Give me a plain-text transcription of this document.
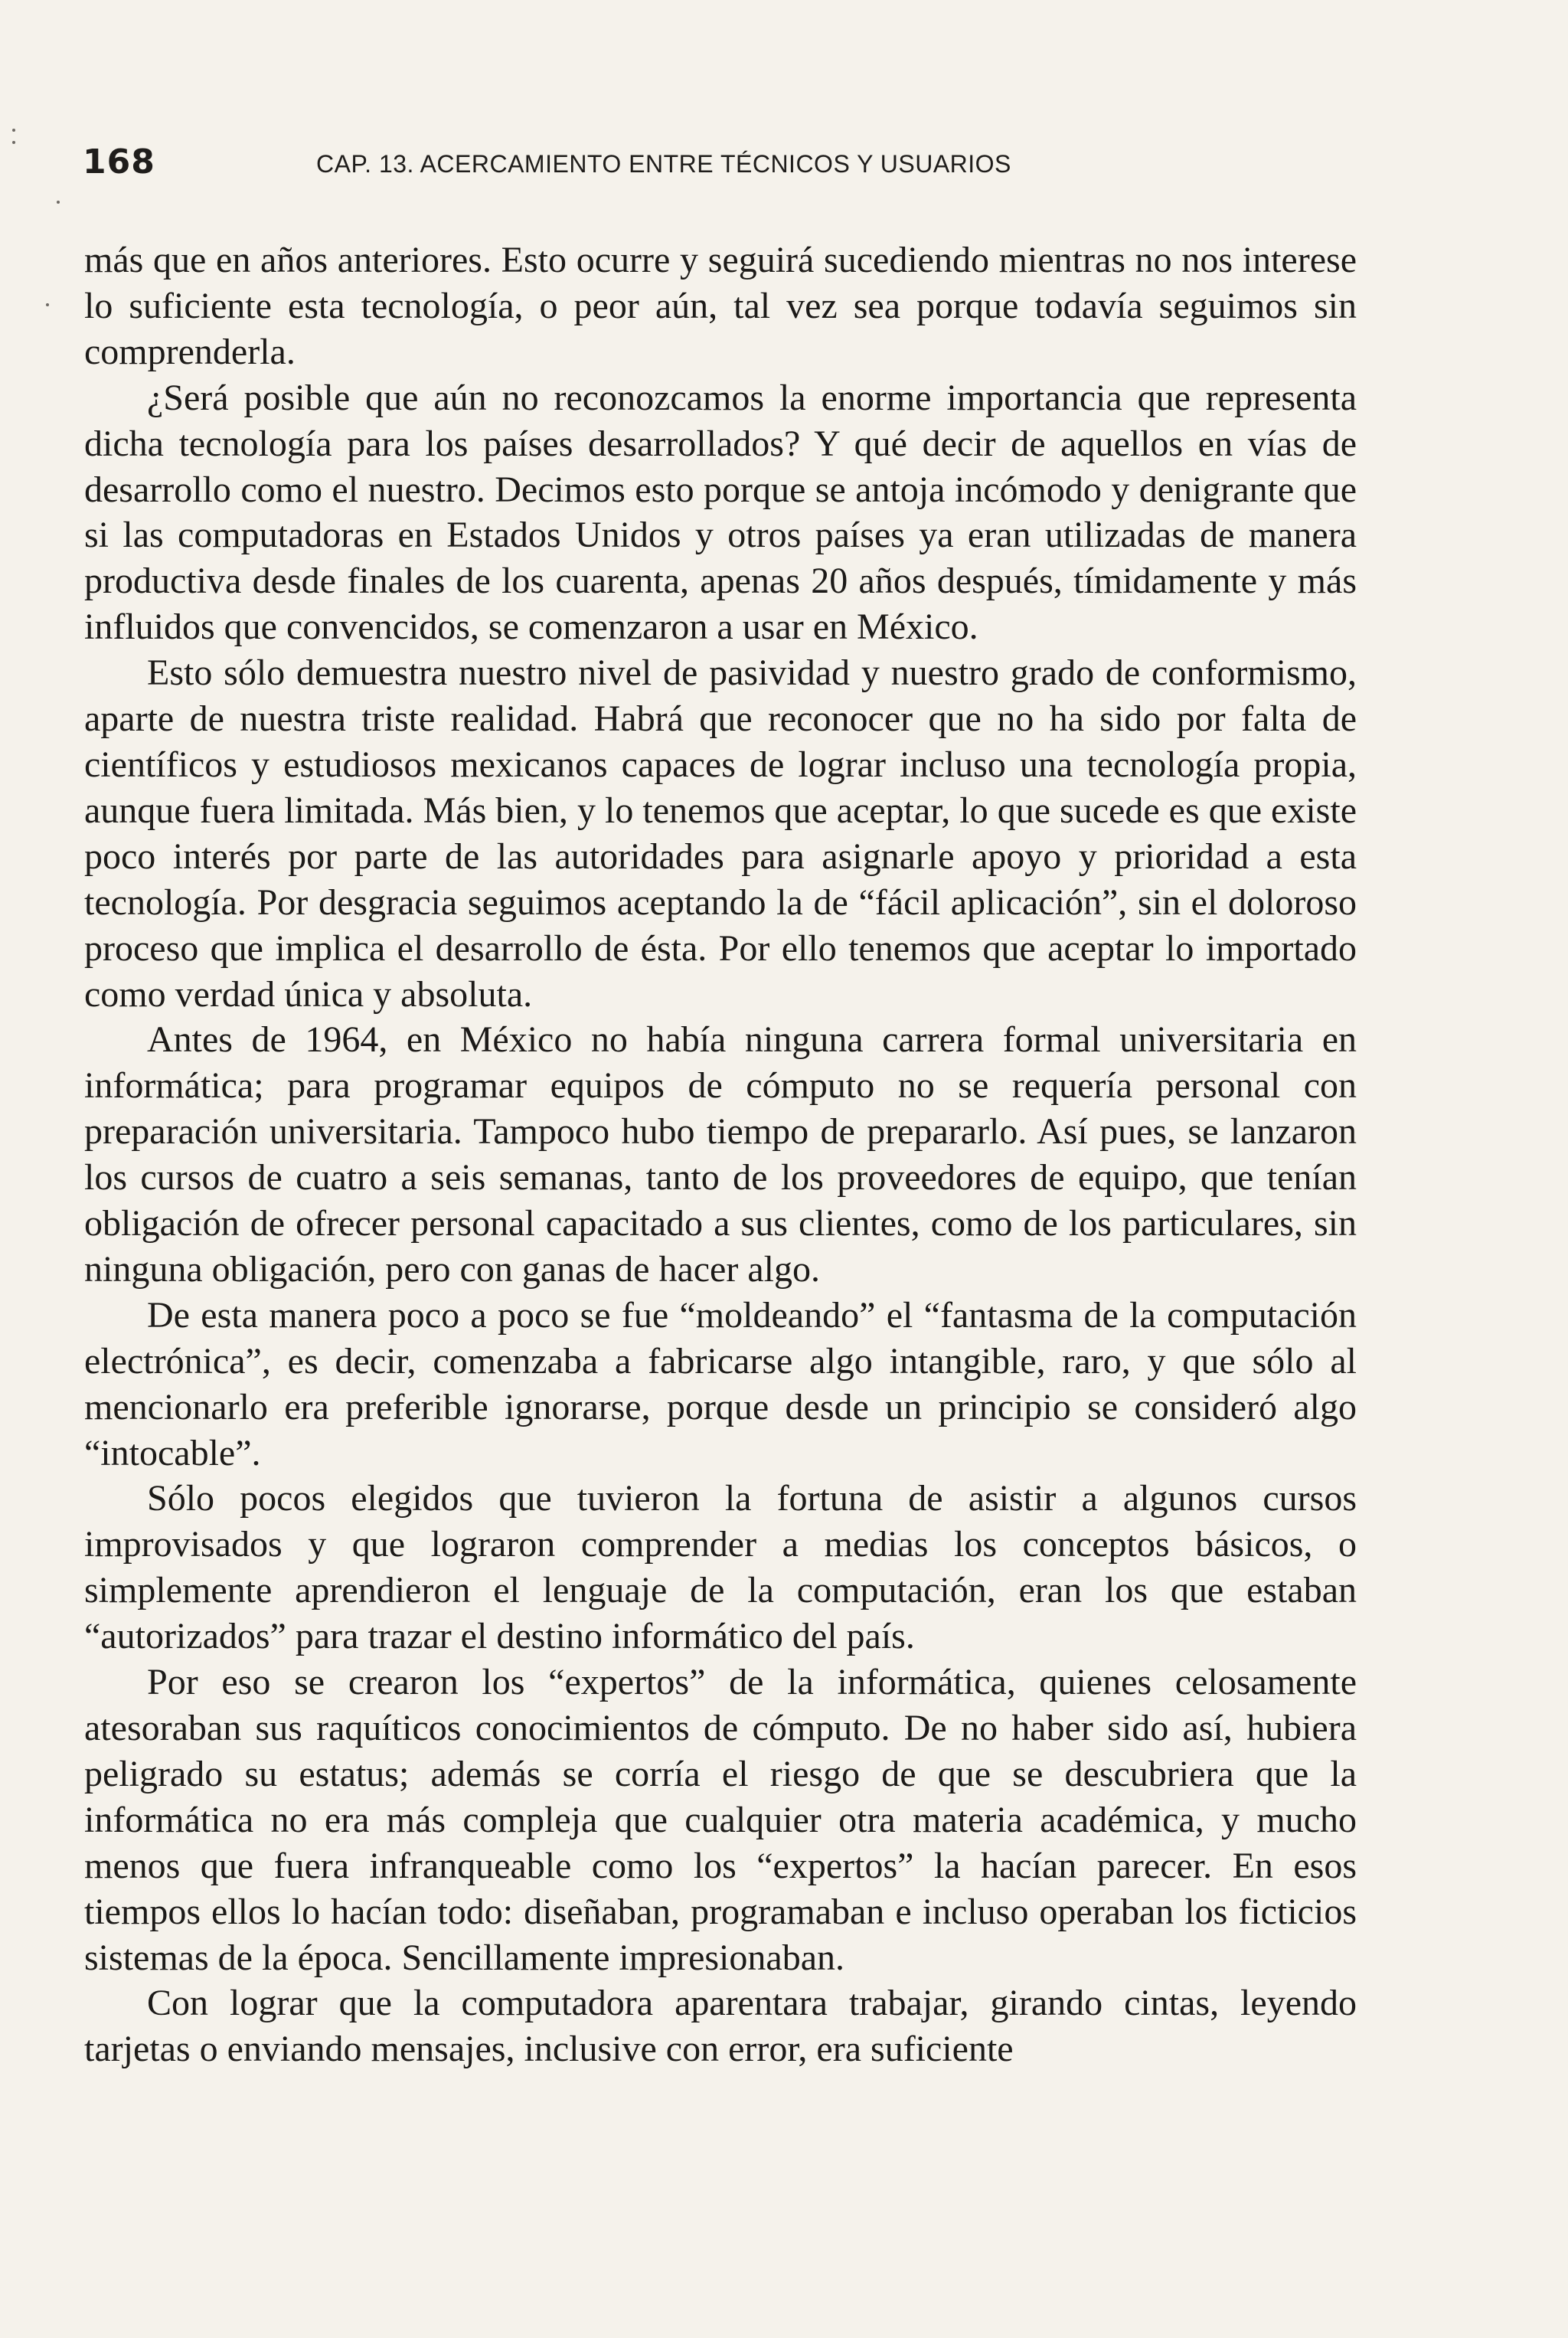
168	CAP. 13. ACERCAMIENTO ENTRE TÉCNICOS Y USUARIOS

más que en años anteriores. Esto ocurre y seguirá sucediendo mientras no nos interese lo suficiente esta tecnología, o peor aún, tal vez sea porque todavía seguimos sin comprenderla.

¿Será posible que aún no reconozcamos la enorme importancia que representa dicha tecnología para los países desarrollados? Y qué decir de aquellos en vías de desarrollo como el nuestro. Decimos esto porque se antoja incómodo y denigrante que si las computadoras en Estados Unidos y otros países ya eran utilizadas de manera productiva desde finales de los cuarenta, apenas 20 años después, tímidamente y más influidos que convencidos, se comenzaron a usar en México.

Esto sólo demuestra nuestro nivel de pasividad y nuestro grado de conformismo, aparte de nuestra triste realidad. Habrá que reconocer que no ha sido por falta de científicos y estudiosos mexicanos capaces de lograr incluso una tecnología propia, aunque fuera limitada. Más bien, y lo tenemos que aceptar, lo que sucede es que existe poco interés por parte de las autoridades para asignarle apoyo y prioridad a esta tecnología. Por desgracia seguimos aceptando la de “fácil aplicación”, sin el doloroso proceso que implica el desarrollo de ésta. Por ello tenemos que aceptar lo importado como verdad única y absoluta.

Antes de 1964, en México no había ninguna carrera formal universitaria en informática; para programar equipos de cómputo no se requería personal con preparación universitaria. Tampoco hubo tiempo de prepararlo. Así pues, se lanzaron los cursos de cuatro a seis semanas, tanto de los proveedores de equipo, que tenían obligación de ofrecer personal capacitado a sus clientes, como de los particulares, sin ninguna obligación, pero con ganas de hacer algo.

De esta manera poco a poco se fue “moldeando” el “fantasma de la computación electrónica”, es decir, comenzaba a fabricarse algo intangible, raro, y que sólo al mencionarlo era preferible ignorarse, porque desde un principio se consideró algo “intocable”.

Sólo pocos elegidos que tuvieron la fortuna de asistir a algunos cursos improvisados y que lograron comprender a medias los conceptos básicos, o simplemente aprendieron el lenguaje de la computación, eran los que estaban “autorizados” para trazar el destino informático del país.

Por eso se crearon los “expertos” de la informática, quienes celosamente atesoraban sus raquíticos conocimientos de cómputo. De no haber sido así, hubiera peligrado su estatus; además se corría el riesgo de que se descubriera que la informática no era más compleja que cualquier otra materia académica, y mucho menos que fuera infranqueable como los “expertos” la hacían parecer. En esos tiempos ellos lo hacían todo: diseñaban, programaban e incluso operaban los ficticios sistemas de la época. Sencillamente impresionaban.

Con lograr que la computadora aparentara trabajar, girando cintas, leyendo tarjetas o enviando mensajes, inclusive con error, era suficiente
